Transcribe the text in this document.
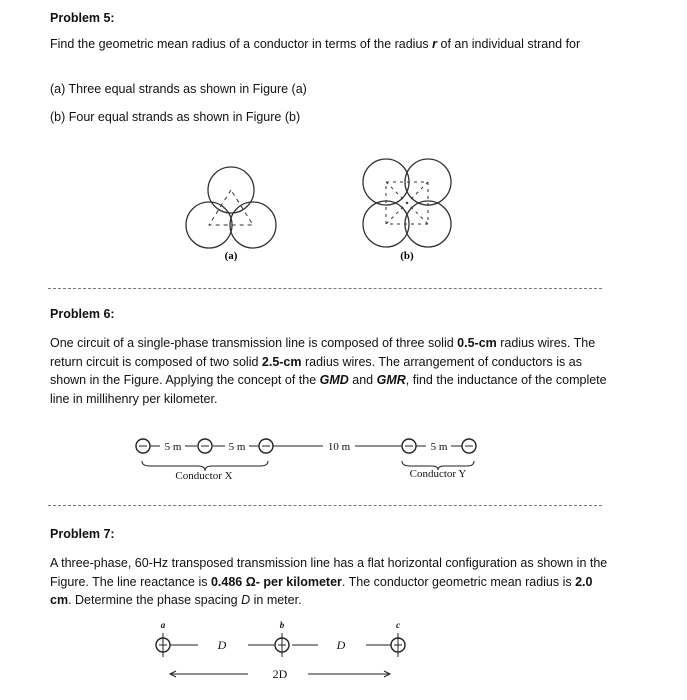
Problem 5:
Find the geometric mean radius of a conductor in terms of the radius r of an individual strand for
(a) Three equal strands as shown in Figure (a)
(b) Four equal strands as shown in Figure (b)
(a)	(b)
Problem 6:
One circuit of a single-phase transmission line is composed of three solid 0.5-cm radius wires. The return circuit is composed of two solid 2.5-cm radius wires. The arrangement of conductors is as shown in the Figure. Applying the concept of the GMD and GMR, find the inductance of the complete line in millihenry per kilometer.
5 m	5 m	10 m	5 m
Conductor X	Conductor Y
Problem 7:
A three-phase, 60-Hz transposed transmission line has a flat horizontal configuration as shown in the Figure. The line reactance is 0.486 Ω- per kilometer. The conductor geometric mean radius is 2.0 cm. Determine the phase spacing D in meter.
a	b	c
D	D
2D
